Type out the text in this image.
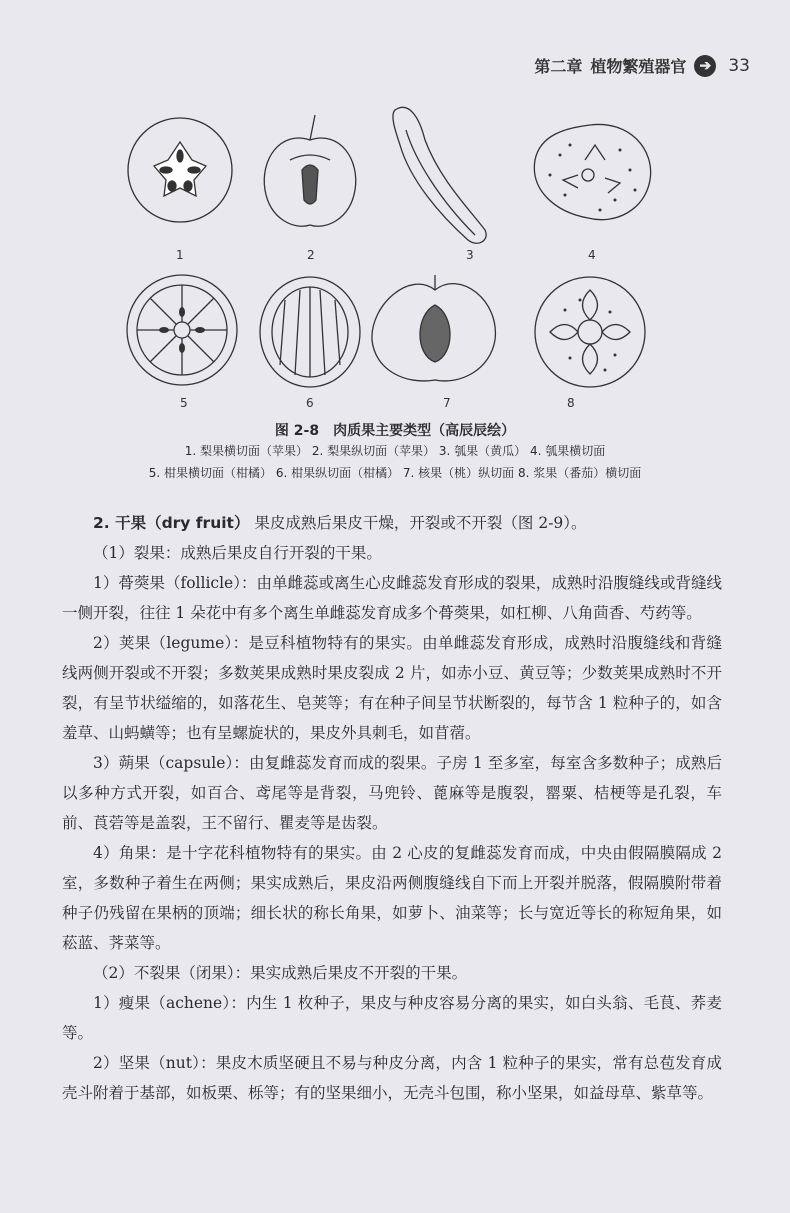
第二章 植物繁殖器官 ➔	33
1	2	3	4
5	6	7	8
图 2-8　肉质果主要类型（高辰辰绘）
1. 梨果横切面（苹果） 2. 梨果纵切面（苹果） 3. 瓠果（黄瓜） 4. 瓠果横切面
5. 柑果横切面（柑橘） 6. 柑果纵切面（柑橘） 7. 核果（桃）纵切面 8. 浆果（番茄）横切面

2. 干果（dry fruit） 果皮成熟后果皮干燥，开裂或不开裂（图 2-9）。

（1）裂果：成熟后果皮自行开裂的干果。

1）蓇葖果（follicle）：由单雌蕊或离生心皮雌蕊发育形成的裂果，成熟时沿腹缝线或背缝线一侧开裂，往往 1 朵花中有多个离生单雌蕊发育成多个蓇葖果，如杠柳、八角茴香、芍药等。

2）荚果（legume）：是豆科植物特有的果实。由单雌蕊发育形成，成熟时沿腹缝线和背缝线两侧开裂或不开裂；多数荚果成熟时果皮裂成 2 片，如赤小豆、黄豆等；少数荚果成熟时不开裂，有呈节状缢缩的，如落花生、皂荚等；有在种子间呈节状断裂的，每节含 1 粒种子的，如含羞草、山蚂蟥等；也有呈螺旋状的，果皮外具刺毛，如苜蓿。

3）蒴果（capsule）：由复雌蕊发育而成的裂果。子房 1 至多室，每室含多数种子；成熟后以多种方式开裂，如百合、鸢尾等是背裂，马兜铃、蓖麻等是腹裂，罂粟、桔梗等是孔裂，车前、莨菪等是盖裂，王不留行、瞿麦等是齿裂。

4）角果：是十字花科植物特有的果实。由 2 心皮的复雌蕊发育而成，中央由假隔膜隔成 2 室，多数种子着生在两侧；果实成熟后，果皮沿两侧腹缝线自下而上开裂并脱落，假隔膜附带着种子仍残留在果柄的顶端；细长状的称长角果，如萝卜、油菜等；长与宽近等长的称短角果，如菘蓝、荠菜等。

（2）不裂果（闭果）：果实成熟后果皮不开裂的干果。

1）瘦果（achene）：内生 1 枚种子，果皮与种皮容易分离的果实，如白头翁、毛茛、荞麦等。

2）坚果（nut）：果皮木质坚硬且不易与种皮分离，内含 1 粒种子的果实，常有总苞发育成壳斗附着于基部，如板栗、栎等；有的坚果细小，无壳斗包围，称小坚果，如益母草、紫草等。
